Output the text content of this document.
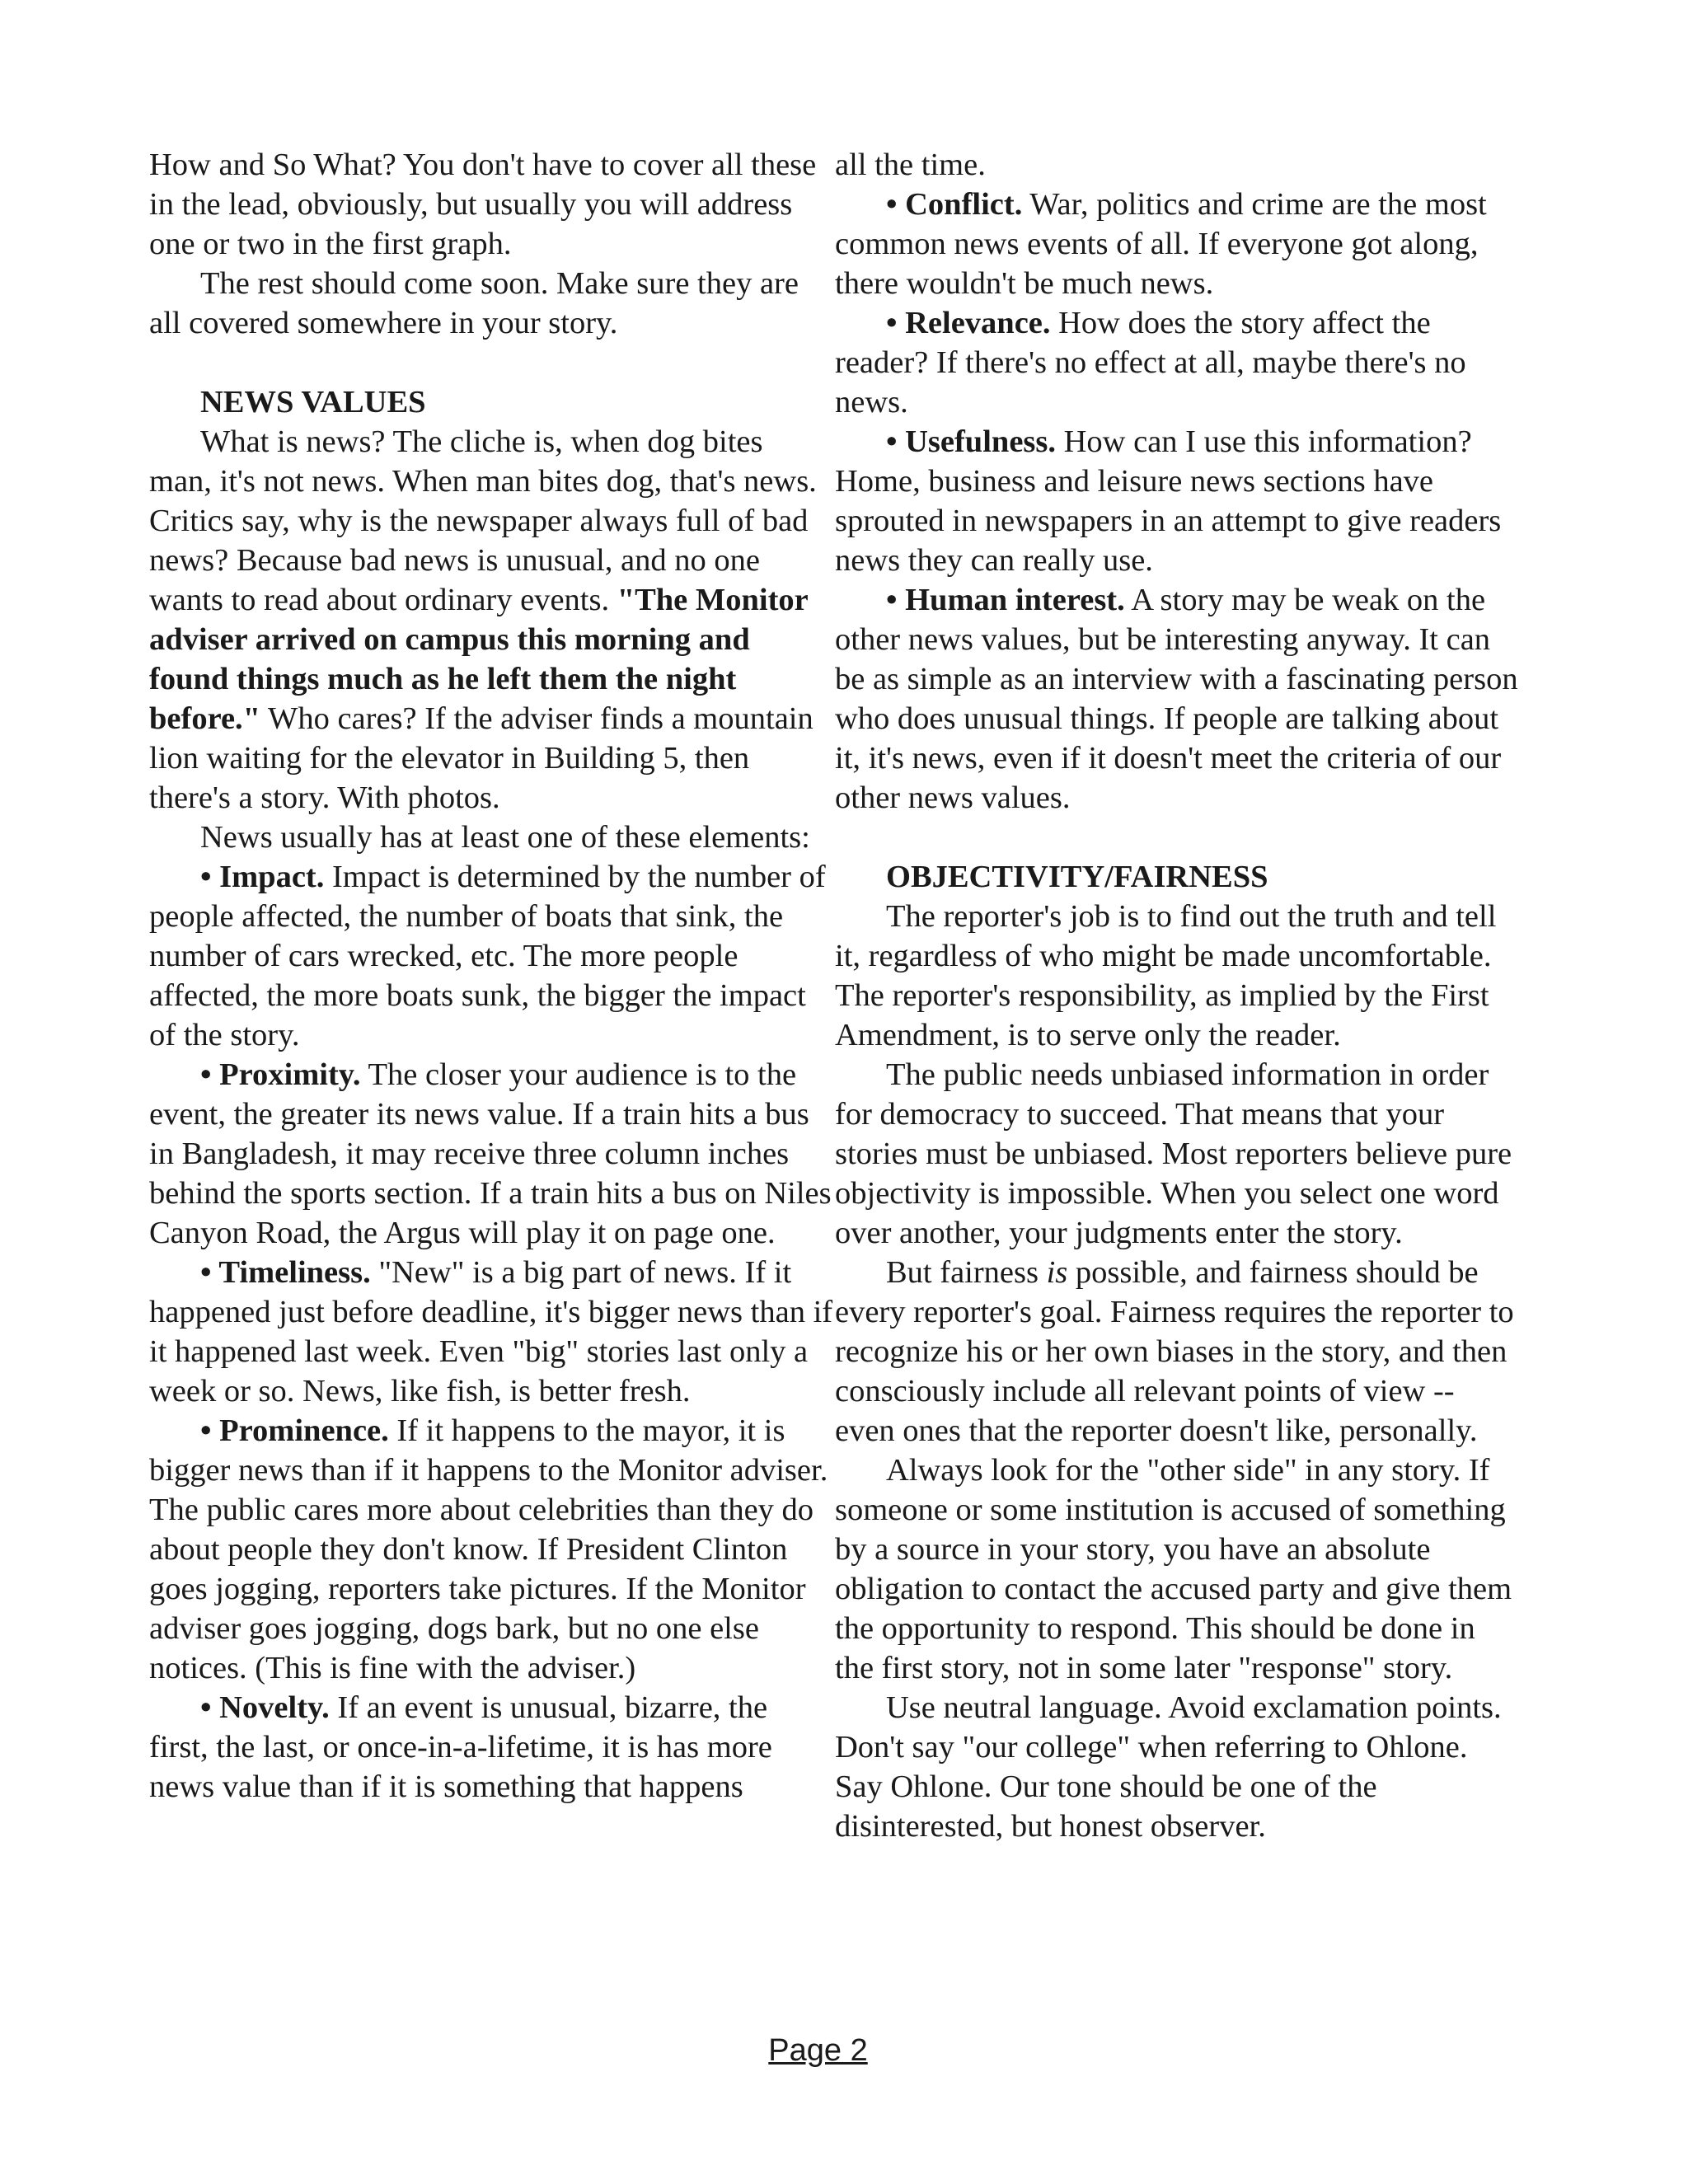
How and So What? You don't have to cover all these in the lead, obviously, but usually you will address one or two in the first graph.

The rest should come soon. Make sure they are all covered somewhere in your story.

NEWS VALUES

What is news? The cliche is, when dog bites man, it's not news. When man bites dog, that's news. Critics say, why is the newspaper always full of bad news? Because bad news is unusual, and no one wants to read about ordinary events. "The Monitor adviser arrived on campus this morning and found things much as he left them the night before." Who cares? If the adviser finds a mountain lion waiting for the elevator in Building 5, then there's a story. With photos.

News usually has at least one of these elements:

• Impact. Impact is determined by the number of people affected, the number of boats that sink, the number of cars wrecked, etc. The more people affected, the more boats sunk, the bigger the impact of the story.

• Proximity. The closer your audience is to the event, the greater its news value. If a train hits a bus in Bangladesh, it may receive three column inches behind the sports section. If a train hits a bus on Niles Canyon Road, the Argus will play it on page one.

• Timeliness. "New" is a big part of news. If it happened just before deadline, it's bigger news than if it happened last week. Even "big" stories last only a week or so. News, like fish, is better fresh.

• Prominence. If it happens to the mayor, it is bigger news than if it happens to the Monitor adviser. The public cares more about celebrities than they do about people they don't know. If President Clinton goes jogging, reporters take pictures. If the Monitor adviser goes jogging, dogs bark, but no one else notices. (This is fine with the adviser.)

• Novelty. If an event is unusual, bizarre, the first, the last, or once-in-a-lifetime, it is has more news value than if it is something that happens

all the time.

• Conflict. War, politics and crime are the most common news events of all. If everyone got along, there wouldn't be much news.

• Relevance. How does the story affect the reader? If there's no effect at all, maybe there's no news.

• Usefulness. How can I use this information? Home, business and leisure news sections have sprouted in newspapers in an attempt to give readers news they can really use.

• Human interest. A story may be weak on the other news values, but be interesting anyway. It can be as simple as an interview with a fascinating person who does unusual things. If people are talking about it, it's news, even if it doesn't meet the criteria of our other news values.

OBJECTIVITY/FAIRNESS

The reporter's job is to find out the truth and tell it, regardless of who might be made uncomfortable. The reporter's responsibility, as implied by the First Amendment, is to serve only the reader.

The public needs unbiased information in order for democracy to succeed. That means that your stories must be unbiased. Most reporters believe pure objectivity is impossible. When you select one word over another, your judgments enter the story.

But fairness is possible, and fairness should be every reporter's goal. Fairness requires the reporter to recognize his or her own biases in the story, and then consciously include all relevant points of view -- even ones that the reporter doesn't like, personally.

Always look for the "other side" in any story. If someone or some institution is accused of something by a source in your story, you have an absolute obligation to contact the accused party and give them the opportunity to respond. This should be done in the first story, not in some later "response" story.

Use neutral language. Avoid exclamation points. Don't say "our college" when referring to Ohlone. Say Ohlone. Our tone should be one of the disinterested, but honest observer.

Page 2
